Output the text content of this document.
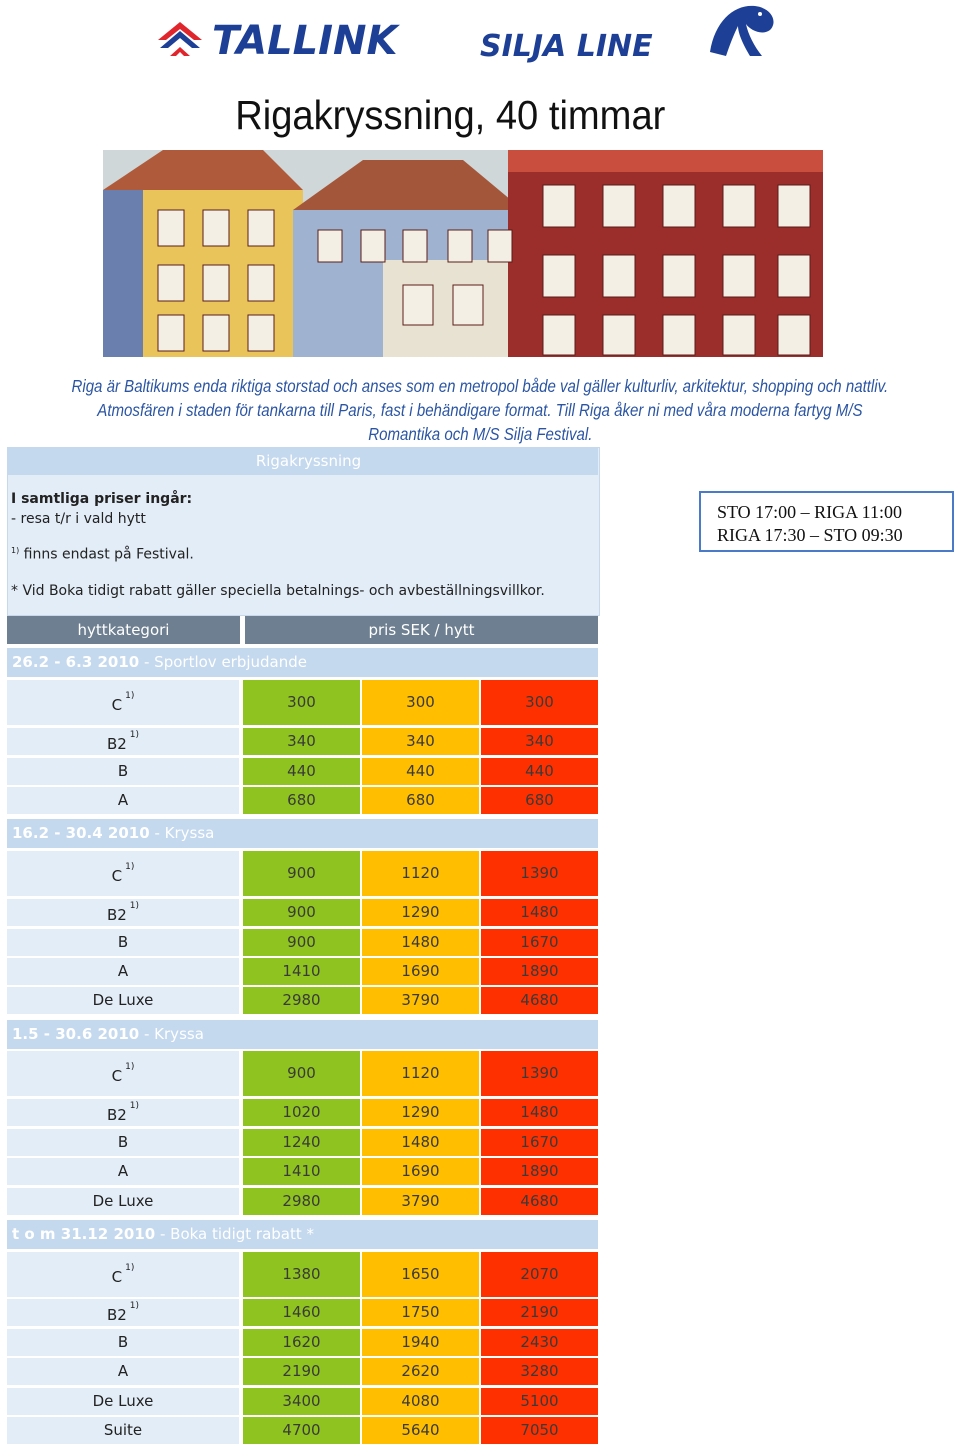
TALLINK	SILJA LINE
Rigakryssning, 40 timmar
Riga är Baltikums enda riktiga storstad och anses som en metropol både val gäller kulturliv, arkitektur, shopping och nattliv.
Atmosfären i staden för tankarna till Paris, fast i behändigare format. Till Riga åker ni med våra moderna fartyg M/S
Romantika och M/S Silja Festival.
Rigakryssning
I samtliga priser ingår:
- resa t/r i vald hytt
$^{1)}$ finns endast på Festival.
* Vid Boka tidigt rabatt gäller speciella betalnings- och avbeställningsvillkor.
STO 17:00 – RIGA 11:00
RIGA 17:30 – STO 09:30
hyttkategori	pris SEK / hytt
26.2 - 6.3 2010 - Sportlov erbjudande
C $^{1)}$	300	300	300
B2 $^{1)}$	340	340	340
B	440	440	440
A	680	680	680
16.2 - 30.4 2010 - Kryssa
C $^{1)}$	900	1120	1390
B2 $^{1)}$	900	1290	1480
B	900	1480	1670
A	1410	1690	1890
De Luxe	2980	3790	4680
1.5 - 30.6 2010 - Kryssa
C $^{1)}$	900	1120	1390
B2 $^{1)}$	1020	1290	1480
B	1240	1480	1670
A	1410	1690	1890
De Luxe	2980	3790	4680
t o m 31.12 2010 - Boka tidigt rabatt *
C $^{1)}$	1380	1650	2070
B2 $^{1)}$	1460	1750	2190
B	1620	1940	2430
A	2190	2620	3280
De Luxe	3400	4080	5100
Suite	4700	5640	7050
